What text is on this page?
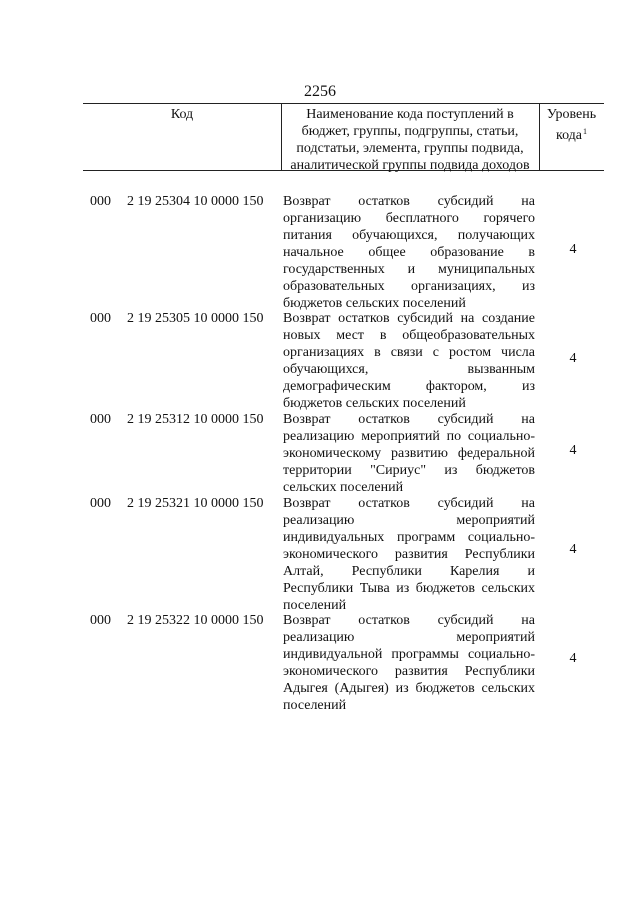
2256
Код	Наименование кода поступлений в
бюджет, группы, подгруппы, статьи,
подстатьи, элемента, группы подвида,
аналитической группы подвида доходов
Уровень
кода$^1$
000 2 19 25304 10 0000 150 Возврат остатков субсидий на
организацию бесплатного горячего
питания обучающихся, получающих
начальное общее образование в
государственных и муниципальных
образовательных организациях, из
бюджетов сельских поселений
4
000 2 19 25305 10 0000 150 Возврат остатков субсидий на создание
новых мест в общеобразовательных
организациях в связи с ростом числа
обучающихся, вызванным
демографическим фактором, из
бюджетов сельских поселений
4
000 2 19 25312 10 0000 150 Возврат остатков субсидий на
реализацию мероприятий по социально-
экономическому развитию федеральной
территории "Сириус" из бюджетов
сельских поселений
4
000 2 19 25321 10 0000 150 Возврат остатков субсидий на
реализацию мероприятий
индивидуальных программ социально-
экономического развития Республики
Алтай, Республики Карелия и
Республики Тыва из бюджетов сельских
поселений
4
000 2 19 25322 10 0000 150 Возврат остатков субсидий на
реализацию мероприятий
индивидуальной программы социально-
экономического развития Республики
Адыгея (Адыгея) из бюджетов сельских
поселений
4
